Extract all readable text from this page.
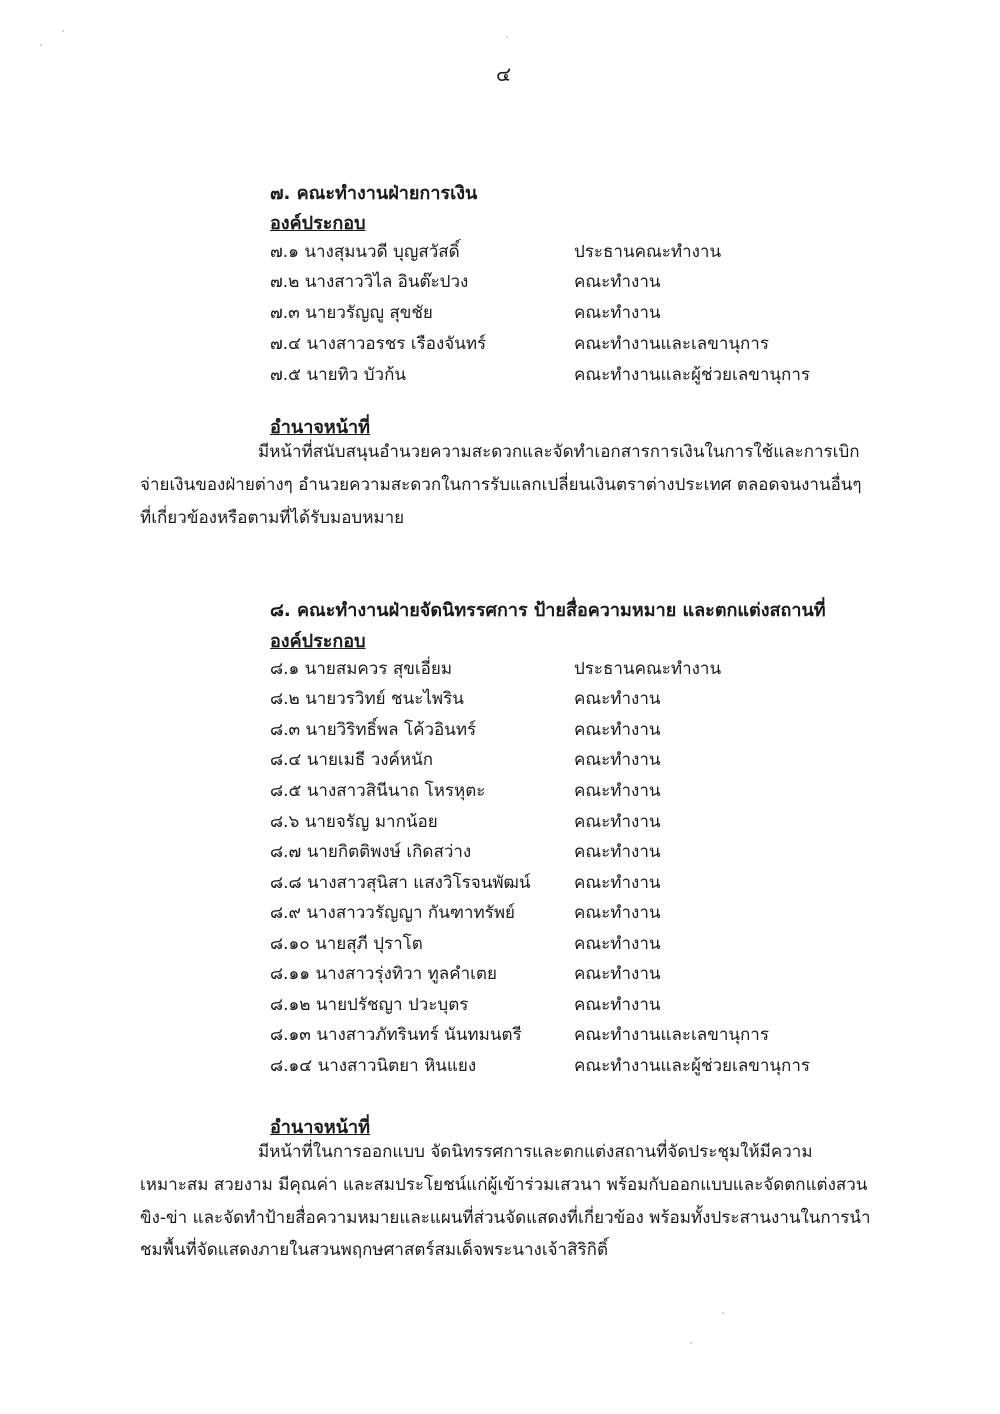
๔
๗. คณะทำงานฝ่ายการเงิน
องค์ประกอบ
๗.๑ นางสุมนวดี บุญสวัสดิ์	ประธานคณะทำงาน
๗.๒ นางสาววิไล อินต๊ะปวง	คณะทำงาน
๗.๓ นายวรัญญู สุขชัย	คณะทำงาน
๗.๔ นางสาวอรชร เรืองจันทร์	คณะทำงานและเลขานุการ
๗.๕ นายทิว บัวก้น	คณะทำงานและผู้ช่วยเลขานุการ
อำนาจหน้าที่
มีหน้าที่สนับสนุนอำนวยความสะดวกและจัดทำเอกสารการเงินในการใช้และการเบิก
จ่ายเงินของฝ่ายต่างๆ อำนวยความสะดวกในการรับแลกเปลี่ยนเงินตราต่างประเทศ ตลอดจนงานอื่นๆ
ที่เกี่ยวข้องหรือตามที่ได้รับมอบหมาย
๘. คณะทำงานฝ่ายจัดนิทรรศการ ป้ายสื่อความหมาย และตกแต่งสถานที่
องค์ประกอบ
๘.๑ นายสมควร สุขเอี่ยม	ประธานคณะทำงาน
๘.๒ นายวรวิทย์ ชนะไพริน	คณะทำงาน
๘.๓ นายวิริทธิ์พล โค้วอินทร์	คณะทำงาน
๘.๔ นายเมธี วงค์หนัก	คณะทำงาน
๘.๕ นางสาวสินีนาถ โหรหุตะ	คณะทำงาน
๘.๖ นายจรัญ มากน้อย	คณะทำงาน
๘.๗ นายกิตติพงษ์ เกิดสว่าง	คณะทำงาน
๘.๘ นางสาวสุนิสา แสงวิโรจนพัฒน์	คณะทำงาน
๘.๙ นางสาววรัญญา กันฑาทรัพย์	คณะทำงาน
๘.๑๐ นายสุภี ปุราโต	คณะทำงาน
๘.๑๑ นางสาวรุ่งทิวา ทูลคำเตย	คณะทำงาน
๘.๑๒ นายปรัชญา ปวะบุตร	คณะทำงาน
๘.๑๓ นางสาวภัทรินทร์ นันทมนตรี	คณะทำงานและเลขานุการ
๘.๑๔ นางสาวนิตยา หินแยง	คณะทำงานและผู้ช่วยเลขานุการ
อำนาจหน้าที่
มีหน้าที่ในการออกแบบ จัดนิทรรศการและตกแต่งสถานที่จัดประชุมให้มีความ
เหมาะสม สวยงาม มีคุณค่า และสมประโยชน์แก่ผู้เข้าร่วมเสวนา พร้อมกับออกแบบและจัดตกแต่งสวน
ขิง-ข่า และจัดทำป้ายสื่อความหมายและแผนที่ส่วนจัดแสดงที่เกี่ยวข้อง พร้อมทั้งประสานงานในการนำ
ชมพื้นที่จัดแสดงภายในสวนพฤกษศาสตร์สมเด็จพระนางเจ้าสิริกิติ์
